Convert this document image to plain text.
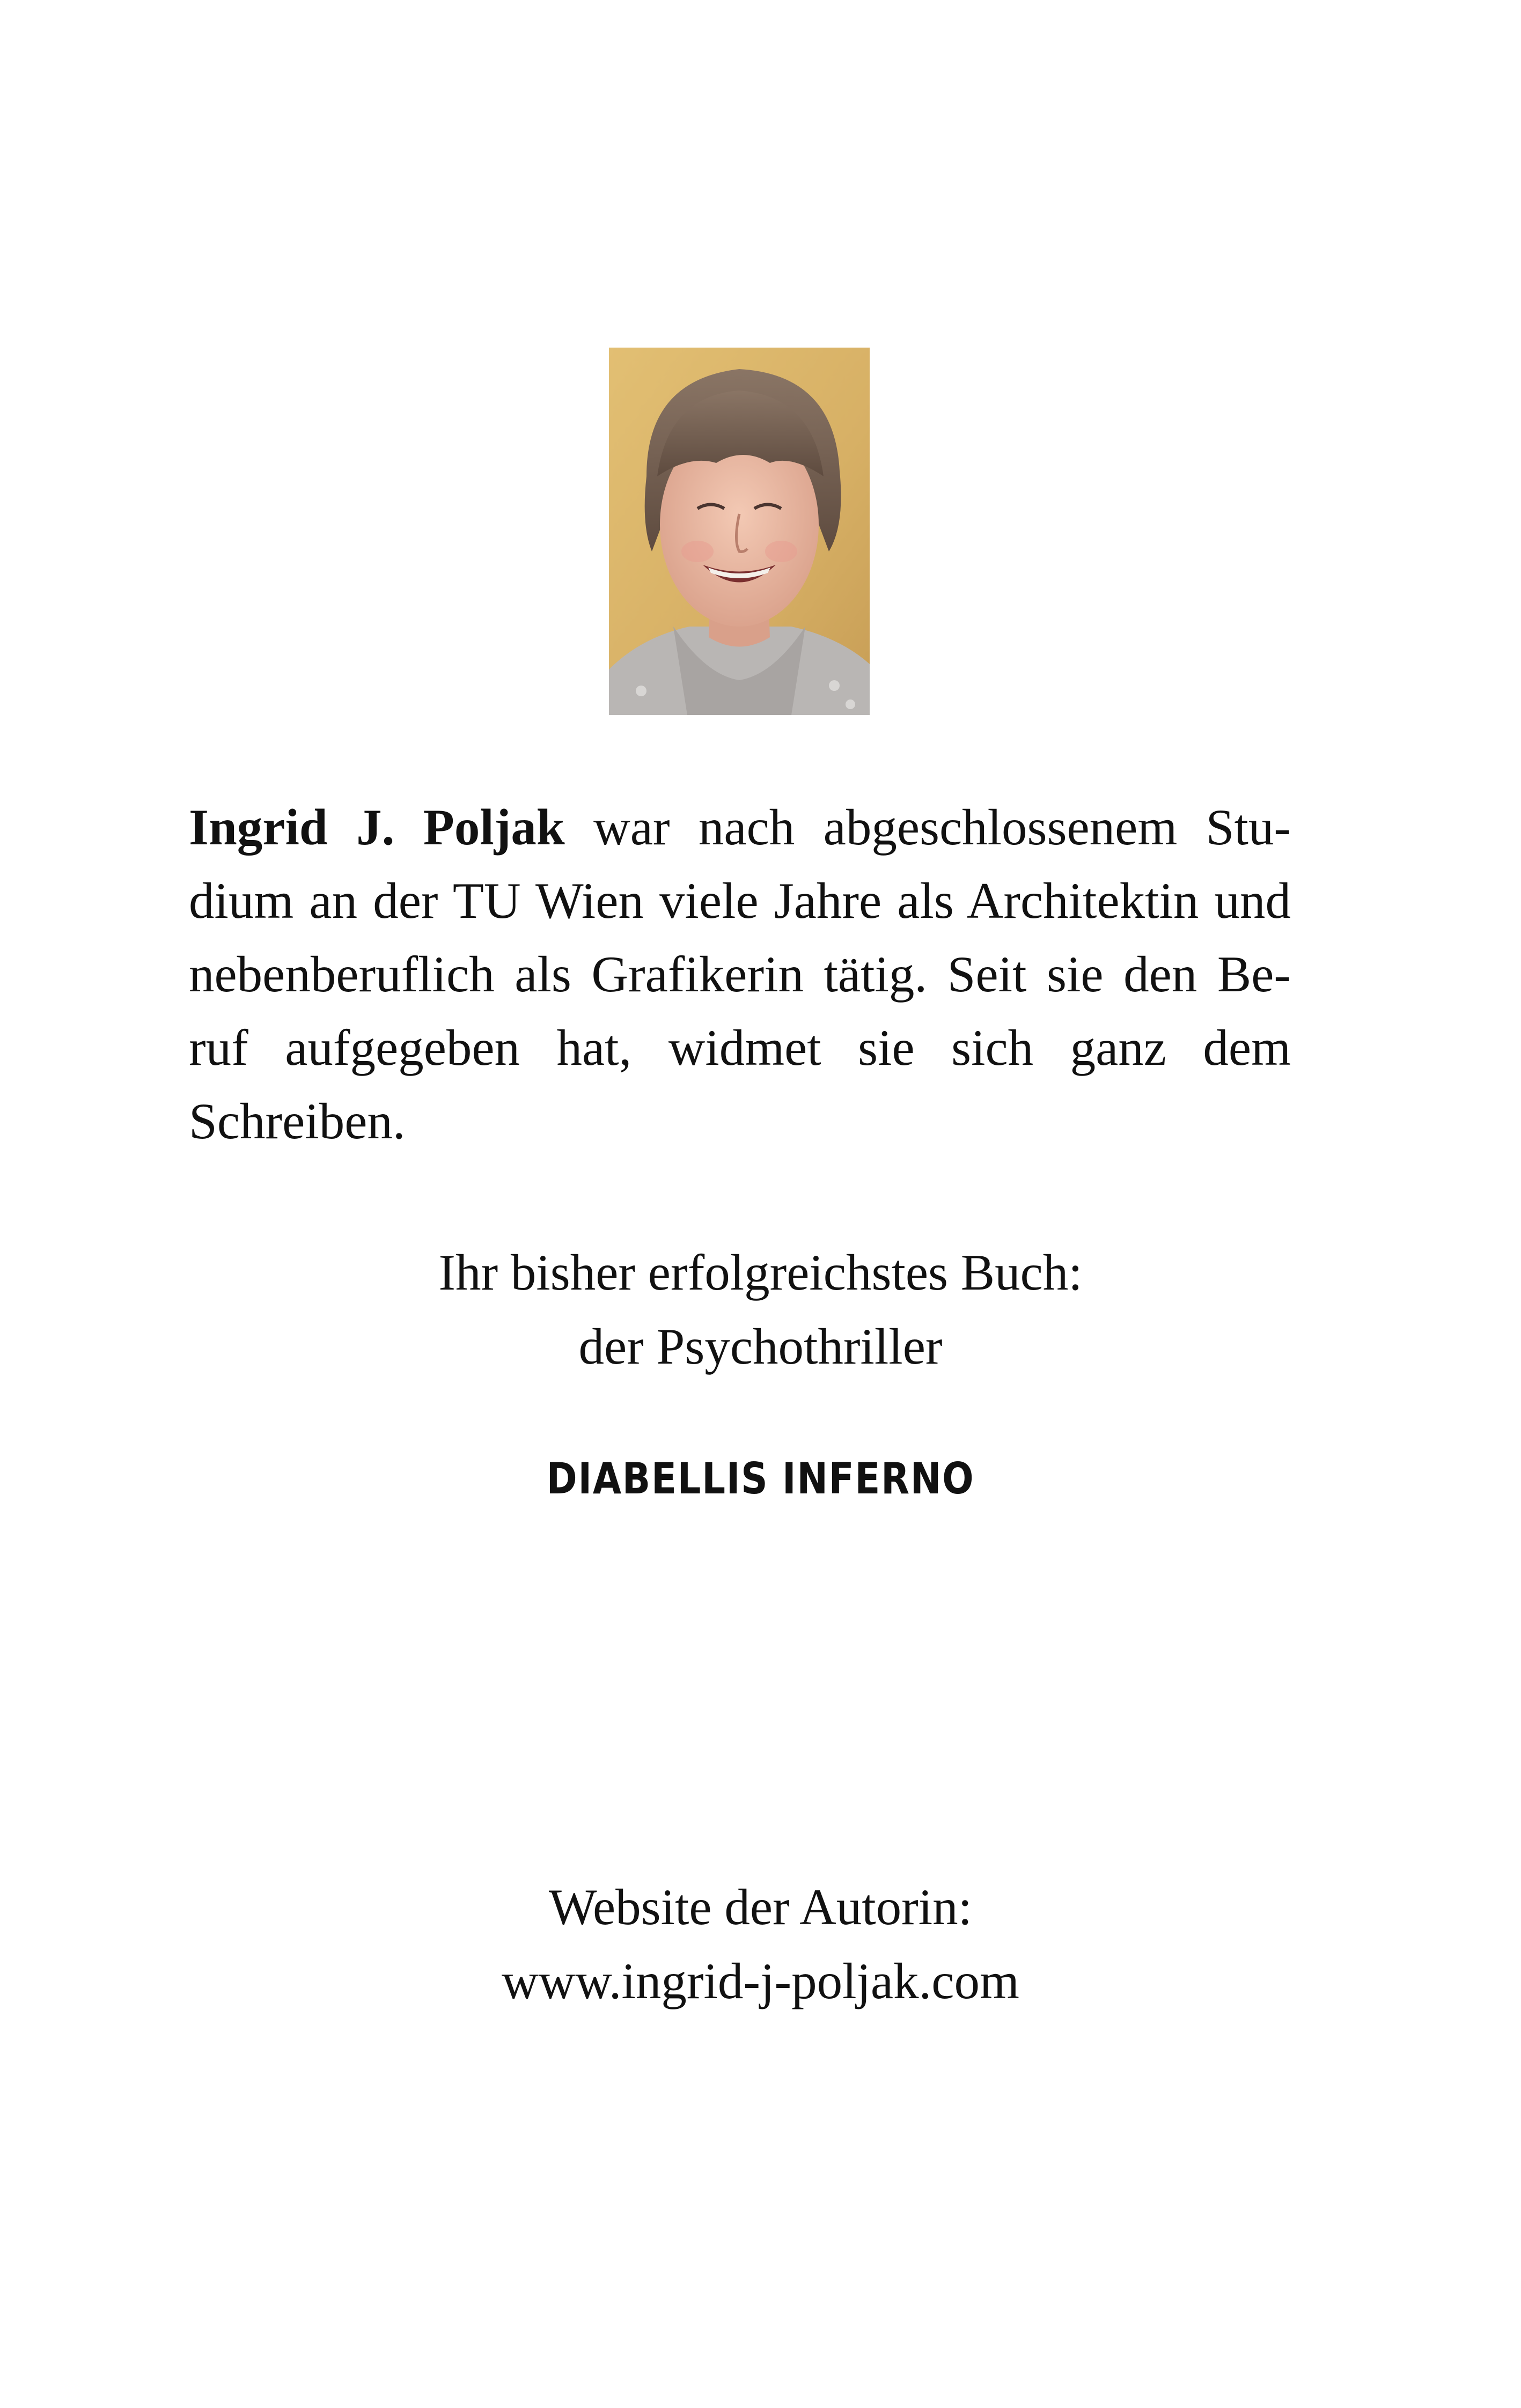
Ingrid J. Poljak war nach abgeschlossenem Stu-
dium an der TU Wien viele Jahre als Architektin und
nebenberuflich als Grafikerin tätig. Seit sie den Be-
ruf aufgegeben hat, widmet sie sich ganz dem
Schreiben.
Ihr bisher erfolgreichstes Buch:
der Psychothriller
DIABELLIS INFERNO
Website der Autorin:
www.ingrid-j-poljak.com
